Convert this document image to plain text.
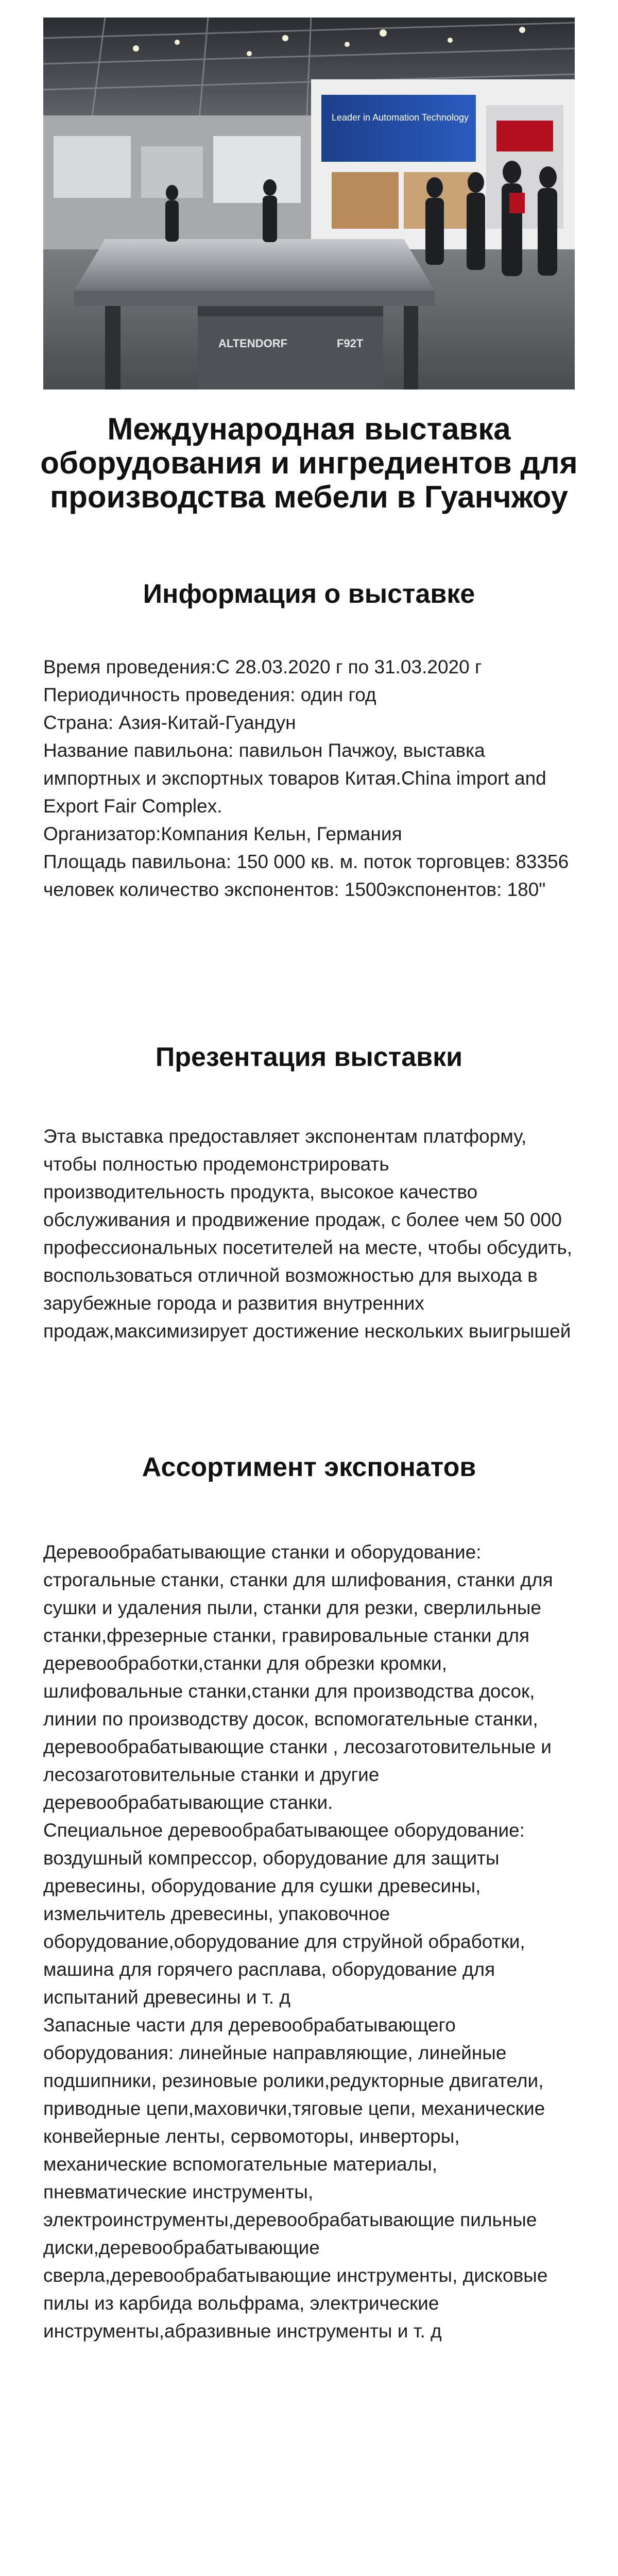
Leader in Automation Technology
ALTENDORF	F92T
Международная выставка оборудования и ингредиентов для производства мебели в Гуанчжоу
Информация о выставке
Время проведения:С 28.03.2020 г по 31.03.2020 г
Периодичность проведения: один год
Страна: Азия-Китай-Гуандун
Название павильона: павильон Пачжоу, выставка импортных и экспортных товаров Китая.China import and Export Fair Complex.
Организатор:Компания Кельн, Германия
Площадь павильона: 150 000 кв. м. поток торговцев: 83356 человек количество экспонентов: 1500экспонентов: 180"
Презентация выставки
Эта выставка предоставляет экспонентам платформу, чтобы полностью продемонстрировать производительность продукта, высокое качество обслуживания и продвижение продаж, с более чем 50 000 профессиональных посетителей на месте, чтобы обсудить, воспользоваться отличной возможностью для выхода в зарубежные города и развития внутренних продаж,максимизирует достижение нескольких выигрышей
Ассортимент экспонатов
Деревообрабатывающие станки и оборудование: строгальные станки, станки для шлифования, станки для сушки и удаления пыли, станки для резки, сверлильные станки,фрезерные станки, гравировальные станки для деревообработки,станки для обрезки кромки, шлифовальные станки,станки для производства досок, линии по производству досок, вспомогательные станки, деревообрабатывающие станки , лесозаготовительные и лесозаготовительные станки и другие деревообрабатывающие станки.
Специальное деревообрабатывающее оборудование: воздушный компрессор, оборудование для защиты древесины, оборудование для сушки древесины, измельчитель древесины, упаковочное оборудование,оборудование для струйной обработки, машина для горячего расплава, оборудование для испытаний древесины и т. д
Запасные части для деревообрабатывающего оборудования: линейные направляющие, линейные подшипники, резиновые ролики,редукторные двигатели, приводные цепи,маховички,тяговые цепи, механические конвейерные ленты, сервомоторы, инверторы, механические вспомогательные материалы, пневматические инструменты, электроинструменты,деревообрабатывающие пильные диски,деревообрабатывающие сверла,деревообрабатывающие инструменты, дисковые пилы из карбида вольфрама, электрические инструменты,абразивные инструменты и т. д
